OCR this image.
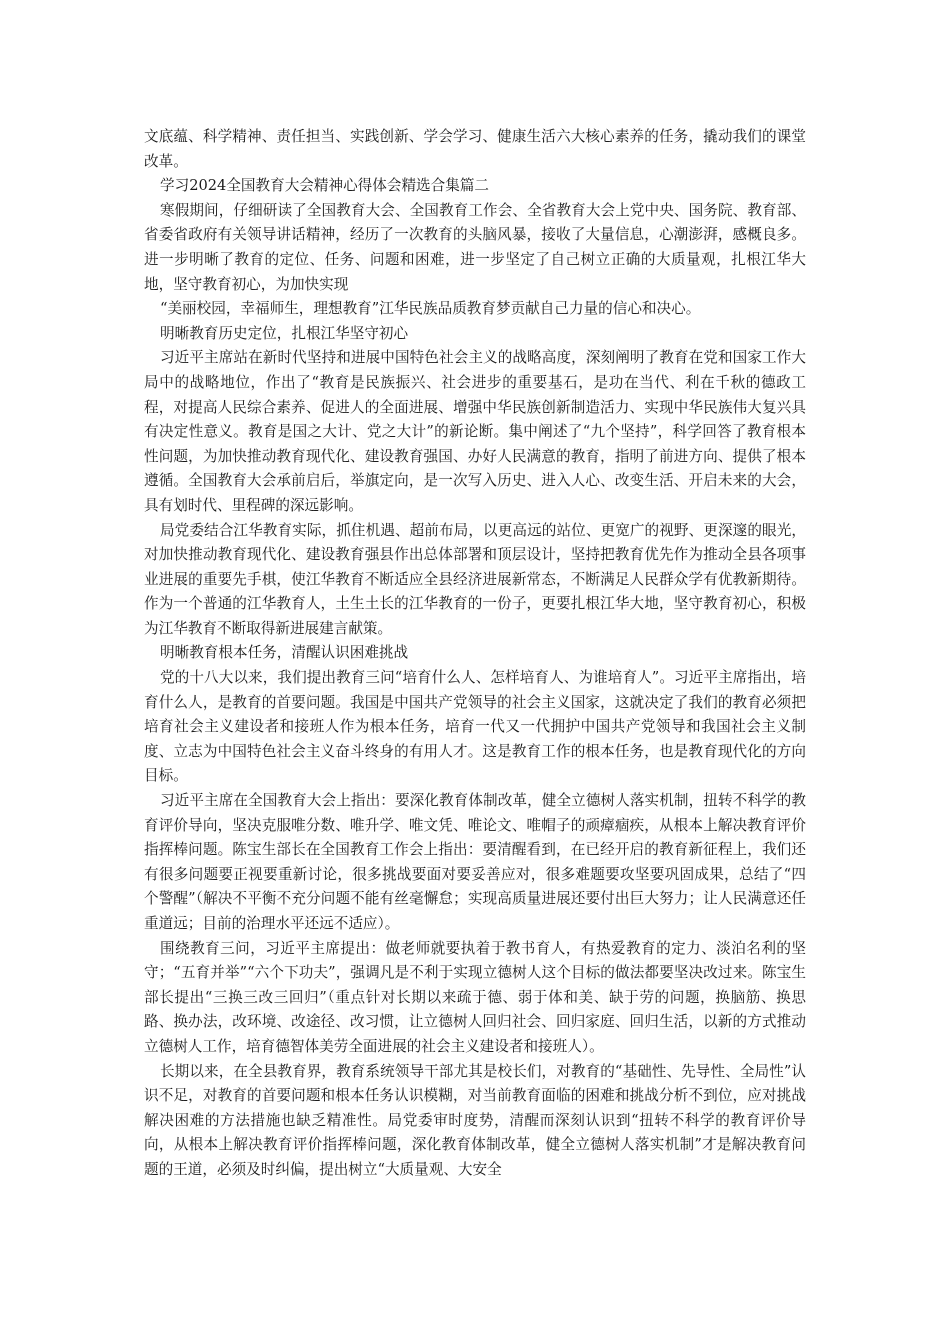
文底蕴、科学精神、责任担当、实践创新、学会学习、健康生活六大核心素养的任务，撬动我们的课堂改革。

学习2024全国教育大会精神心得体会精选合集篇二

寒假期间，仔细研读了全国教育大会、全国教育工作会、全省教育大会上党中央、国务院、教育部、省委省政府有关领导讲话精神，经历了一次教育的头脑风暴，接收了大量信息，心潮澎湃，感概良多。进一步明晰了教育的定位、任务、问题和困难，进一步坚定了自己树立正确的大质量观，扎根江华大地，坚守教育初心，为加快实现

“美丽校园，幸福师生，理想教育”江华民族品质教育梦贡献自己力量的信心和决心。

明晰教育历史定位，扎根江华坚守初心

习近平主席站在新时代坚持和进展中国特色社会主义的战略高度，深刻阐明了教育在党和国家工作大局中的战略地位，作出了“教育是民族振兴、社会进步的重要基石，是功在当代、利在千秋的德政工程，对提高人民综合素养、促进人的全面进展、增强中华民族创新制造活力、实现中华民族伟大复兴具有决定性意义。教育是国之大计、党之大计”的新论断。集中阐述了“九个坚持”，科学回答了教育根本性问题，为加快推动教育现代化、建设教育强国、办好人民满意的教育，指明了前进方向、提供了根本遵循。全国教育大会承前启后，举旗定向，是一次写入历史、进入人心、改变生活、开启未来的大会，具有划时代、里程碑的深远影响。

局党委结合江华教育实际，抓住机遇、超前布局，以更高远的站位、更宽广的视野、更深邃的眼光，对加快推动教育现代化、建设教育强县作出总体部署和顶层设计，坚持把教育优先作为推动全县各项事业进展的重要先手棋，使江华教育不断适应全县经济进展新常态，不断满足人民群众学有优教新期待。作为一个普通的江华教育人，土生土长的江华教育的一份子，更要扎根江华大地，坚守教育初心，积极为江华教育不断取得新进展建言献策。

明晰教育根本任务，清醒认识困难挑战

党的十八大以来，我们提出教育三问“培育什么人、怎样培育人、为谁培育人”。习近平主席指出，培育什么人，是教育的首要问题。我国是中国共产党领导的社会主义国家，这就决定了我们的教育必须把培育社会主义建设者和接班人作为根本任务，培育一代又一代拥护中国共产党领导和我国社会主义制度、立志为中国特色社会主义奋斗终身的有用人才。这是教育工作的根本任务，也是教育现代化的方向目标。

习近平主席在全国教育大会上指出：要深化教育体制改革，健全立德树人落实机制，扭转不科学的教育评价导向，坚决克服唯分数、唯升学、唯文凭、唯论文、唯帽子的顽瘴痼疾，从根本上解决教育评价指挥棒问题。陈宝生部长在全国教育工作会上指出：要清醒看到，在已经开启的教育新征程上，我们还有很多问题要正视要重新讨论，很多挑战要面对要妥善应对，很多难题要攻坚要巩固成果，总结了“四个警醒”（解决不平衡不充分问题不能有丝毫懈怠；实现高质量进展还要付出巨大努力；让人民满意还任重道远；目前的治理水平还远不适应）。

围绕教育三问，习近平主席提出：做老师就要执着于教书育人，有热爱教育的定力、淡泊名利的坚守；“五育并举”“六个下功夫”，强调凡是不利于实现立德树人这个目标的做法都要坚决改过来。陈宝生部长提出“三换三改三回归”（重点针对长期以来疏于德、弱于体和美、缺于劳的问题，换脑筋、换思路、换办法，改环境、改途径、改习惯，让立德树人回归社会、回归家庭、回归生活，以新的方式推动立德树人工作，培育德智体美劳全面进展的社会主义建设者和接班人）。

长期以来，在全县教育界，教育系统领导干部尤其是校长们，对教育的“基础性、先导性、全局性”认识不足，对教育的首要问题和根本任务认识模糊，对当前教育面临的困难和挑战分析不到位，应对挑战解决困难的方法措施也缺乏精准性。局党委审时度势，清醒而深刻认识到“扭转不科学的教育评价导向，从根本上解决教育评价指挥棒问题，深化教育体制改革，健全立德树人落实机制”才是解决教育问题的王道，必须及时纠偏，提出树立“大质量观、大安全
